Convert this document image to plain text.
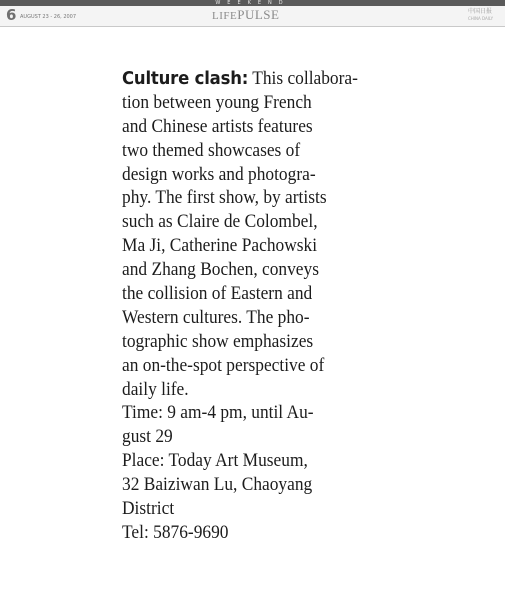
WEEKEND
6 AUGUST 23 - 26, 2007	LIFEPULSE	中国日报
CHINA DAILY
Culture clash: This collabora-
tion between young French
and Chinese artists features
two themed showcases of
design works and photogra-
phy. The first show, by artists
such as Claire de Colombel,
Ma Ji, Catherine Pachowski
and Zhang Bochen, conveys
the collision of Eastern and
Western cultures. The pho-
tographic show emphasizes
an on-the-spot perspective of
daily life.
Time: 9 am-4 pm, until Au-
gust 29
Place: Today Art Museum,
32 Baiziwan Lu, Chaoyang
District
Tel: 5876-9690
